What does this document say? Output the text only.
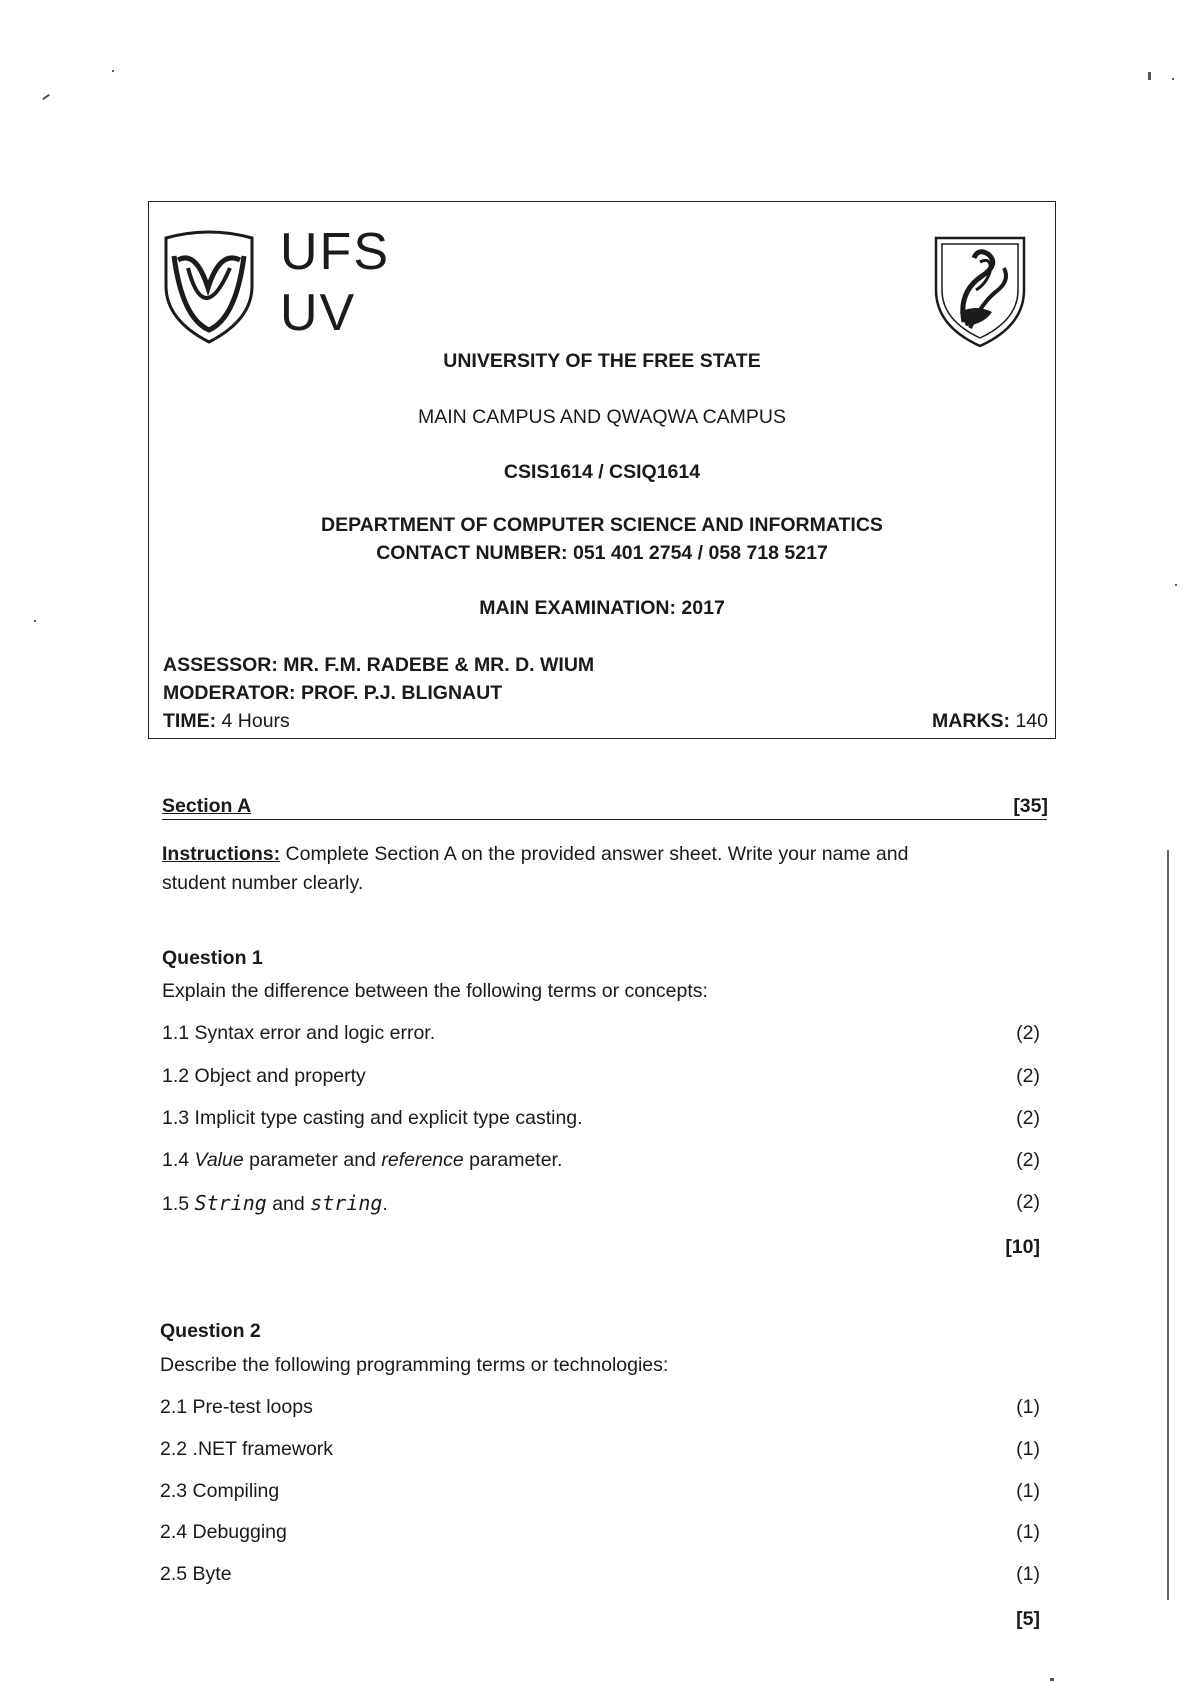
UFS
UV
UNIVERSITY OF THE FREE STATE
MAIN CAMPUS AND QWAQWA CAMPUS
CSIS1614 / CSIQ1614
DEPARTMENT OF COMPUTER SCIENCE AND INFORMATICS
CONTACT NUMBER: 051 401 2754 / 058 718 5217
MAIN EXAMINATION: 2017
ASSESSOR: MR. F.M. RADEBE & MR. D. WIUM
MODERATOR: PROF. P.J. BLIGNAUT
TIME: 4 Hours	MARKS: 140
Section A	[35]
Instructions: Complete Section A on the provided answer sheet. Write your name and
student number clearly.
Question 1
Explain the difference between the following terms or concepts:
1.1 Syntax error and logic error.	(2)
1.2 Object and property	(2)
1.3 Implicit type casting and explicit type casting.	(2)
1.4 Value parameter and reference parameter.	(2)
1.5 String and string.	(2)
[10]
Question 2
Describe the following programming terms or technologies:
2.1 Pre-test loops	(1)
2.2 .NET framework	(1)
2.3 Compiling	(1)
2.4 Debugging	(1)
2.5 Byte	(1)
[5]
